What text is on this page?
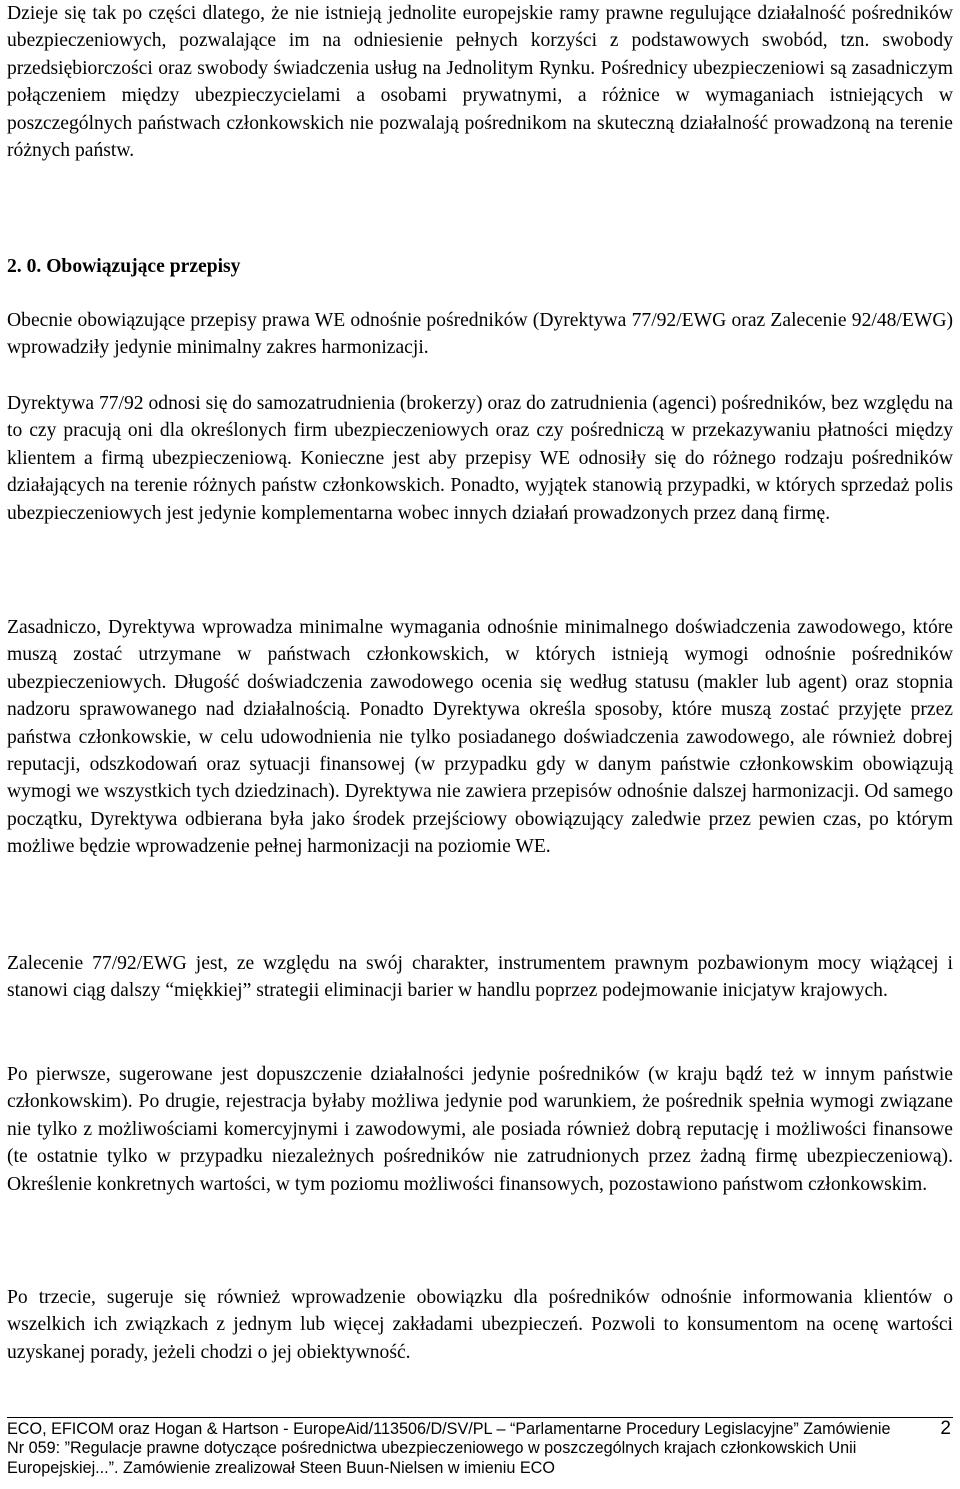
Dzieje się tak po części dlatego, że nie istnieją jednolite europejskie ramy prawne regulujące działalność pośredników ubezpieczeniowych, pozwalające im na odniesienie pełnych korzyści z podstawowych swobód, tzn. swobody przedsiębiorczości oraz swobody świadczenia usług na Jednolitym Rynku. Pośrednicy ubezpieczeniowi są zasadniczym połączeniem między ubezpieczycielami a osobami prywatnymi, a różnice w wymaganiach istniejących w poszczególnych państwach członkowskich nie pozwalają pośrednikom na skuteczną działalność prowadzoną na terenie różnych państw.

2. 0. Obowiązujące przepisy

Obecnie obowiązujące przepisy prawa WE odnośnie pośredników (Dyrektywa 77/92/EWG oraz Zalecenie 92/48/EWG) wprowadziły jedynie minimalny zakres harmonizacji.

Dyrektywa 77/92 odnosi się do samozatrudnienia (brokerzy) oraz do zatrudnienia (agenci) pośredników, bez względu na to czy pracują oni dla określonych firm ubezpieczeniowych oraz czy pośredniczą w przekazywaniu płatności między klientem a firmą ubezpieczeniową. Konieczne jest aby przepisy WE odnosiły się do różnego rodzaju pośredników działających na terenie różnych państw członkowskich. Ponadto, wyjątek stanowią przypadki, w których sprzedaż polis ubezpieczeniowych jest jedynie komplementarna wobec innych działań prowadzonych przez daną firmę.

Zasadniczo, Dyrektywa wprowadza minimalne wymagania odnośnie minimalnego doświadczenia zawodowego, które muszą zostać utrzymane w państwach członkowskich, w których istnieją wymogi odnośnie pośredników ubezpieczeniowych. Długość doświadczenia zawodowego ocenia się według statusu (makler lub agent) oraz stopnia nadzoru sprawowanego nad działalnością. Ponadto Dyrektywa określa sposoby, które muszą zostać przyjęte przez państwa członkowskie, w celu udowodnienia nie tylko posiadanego doświadczenia zawodowego, ale również dobrej reputacji, odszkodowań oraz sytuacji finansowej (w przypadku gdy w danym państwie członkowskim obowiązują wymogi we wszystkich tych dziedzinach). Dyrektywa nie zawiera przepisów odnośnie dalszej harmonizacji. Od samego początku, Dyrektywa odbierana była jako środek przejściowy obowiązujący zaledwie przez pewien czas, po którym możliwe będzie wprowadzenie pełnej harmonizacji na poziomie WE.

Zalecenie 77/92/EWG jest, ze względu na swój charakter, instrumentem prawnym pozbawionym mocy wiążącej i stanowi ciąg dalszy “miękkiej” strategii eliminacji barier w handlu poprzez podejmowanie inicjatyw krajowych.

Po pierwsze, sugerowane jest dopuszczenie działalności jedynie pośredników (w kraju bądź też w innym państwie członkowskim). Po drugie, rejestracja byłaby możliwa jedynie pod warunkiem, że pośrednik spełnia wymogi związane nie tylko z możliwościami komercyjnymi i zawodowymi, ale posiada również dobrą reputację i możliwości finansowe (te ostatnie tylko w przypadku niezależnych pośredników nie zatrudnionych przez żadną firmę ubezpieczeniową). Określenie konkretnych wartości, w tym poziomu możliwości finansowych, pozostawiono państwom członkowskim.

Po trzecie, sugeruje się również wprowadzenie obowiązku dla pośredników odnośnie informowania klientów o wszelkich ich związkach z jednym lub więcej zakładami ubezpieczeń. Pozwoli to konsumentom na ocenę wartości uzyskanej porady, jeżeli chodzi o jej obiektywność.

ECO, EFICOM oraz Hogan & Hartson - EuropeAid/113506/D/SV/PL – “Parlamentarne Procedury Legislacyjne” Zamówienie Nr 059: ”Regulacje prawne dotyczące pośrednictwa ubezpieczeniowego w poszczególnych krajach członkowskich Unii Europejskiej...”. Zamówienie zrealizował Steen Buun-Nielsen w imieniu ECO
2
